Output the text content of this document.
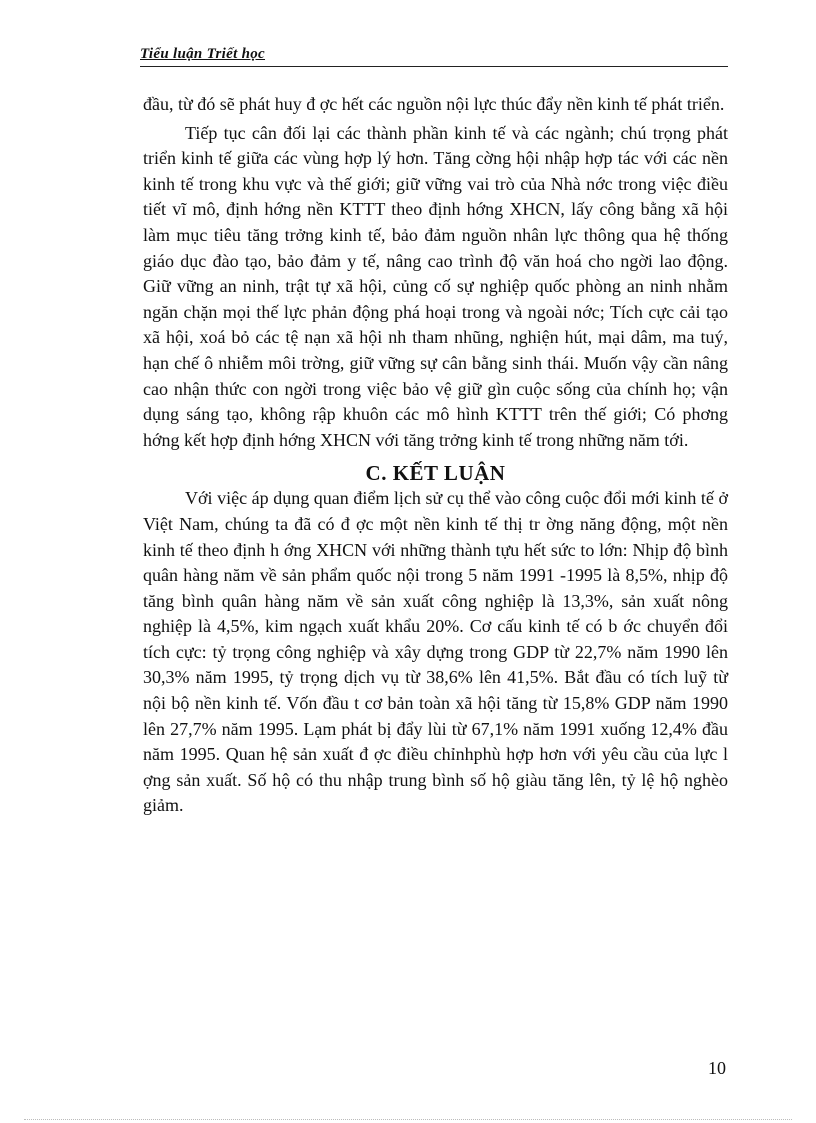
Tiểu luận Triết học

đầu, từ đó sẽ phát huy đ ợc hết các nguồn nội lực thúc đẩy nền kinh tế phát triển.

Tiếp tục cân đối lại các thành phần kinh tế và các ngành; chú trọng phát triển kinh tế giữa các vùng hợp lý hơn. Tăng cờng hội nhập hợp tác với các nền kinh tế trong khu vực và thế giới; giữ vững vai trò của Nhà nớc trong việc điều tiết vĩ mô, định hớng nền KTTT theo định hớng XHCN, lấy công bằng xã hội làm mục tiêu tăng trởng kinh tế, bảo đảm nguồn nhân lực thông qua hệ thống giáo dục đào tạo, bảo đảm y tế, nâng cao trình độ văn hoá cho ngời lao động. Giữ vững an ninh, trật tự xã hội, củng cố sự nghiệp quốc phòng an ninh nhằm ngăn chặn mọi thế lực phản động phá hoại trong và ngoài nớc; Tích cực cải tạo xã hội, xoá bỏ các tệ nạn xã hội nh tham nhũng, nghiện hút, mại dâm, ma tuý, hạn chế ô nhiễm môi trờng, giữ vững sự cân bằng sinh thái. Muốn vậy cần nâng cao nhận thức con ngời trong việc bảo vệ giữ gìn cuộc sống của chính họ; vận dụng sáng tạo, không rập khuôn các mô hình KTTT trên thế giới; Có phơng hớng kết hợp định hớng XHCN với tăng trởng kinh tế trong những năm tới.

C. KẾT LUẬN

Với việc áp dụng quan điểm lịch sử cụ thể vào công cuộc đổi mới kinh tế ở Việt Nam, chúng ta đã có đ ợc một nền kinh tế thị tr ờng năng động, một nền kinh tế theo định h ớng XHCN với những thành tựu hết sức to lớn: Nhịp độ bình quân hàng năm về sản phẩm quốc nội trong 5 năm 1991 -1995 là 8,5%, nhịp độ tăng bình quân hàng năm về sản xuất công nghiệp là 13,3%, sản xuất nông nghiệp là 4,5%, kim ngạch xuất khẩu 20%. Cơ cấu kinh tế có b ớc chuyển đổi tích cực: tỷ trọng công nghiệp và xây dựng trong GDP từ 22,7% năm 1990 lên 30,3% năm 1995, tỷ trọng dịch vụ từ 38,6% lên 41,5%. Bắt đầu có tích luỹ từ nội bộ nền kinh tế. Vốn đầu t cơ bản toàn xã hội tăng từ 15,8% GDP năm 1990 lên 27,7% năm 1995. Lạm phát bị đẩy lùi từ 67,1% năm 1991 xuống 12,4% đầu năm 1995. Quan hệ sản xuất đ ợc điều chỉnhphù hợp hơn với yêu cầu của lực l ợng sản xuất. Số hộ có thu nhập trung bình số hộ giàu tăng lên, tỷ lệ hộ nghèo giảm.

10
